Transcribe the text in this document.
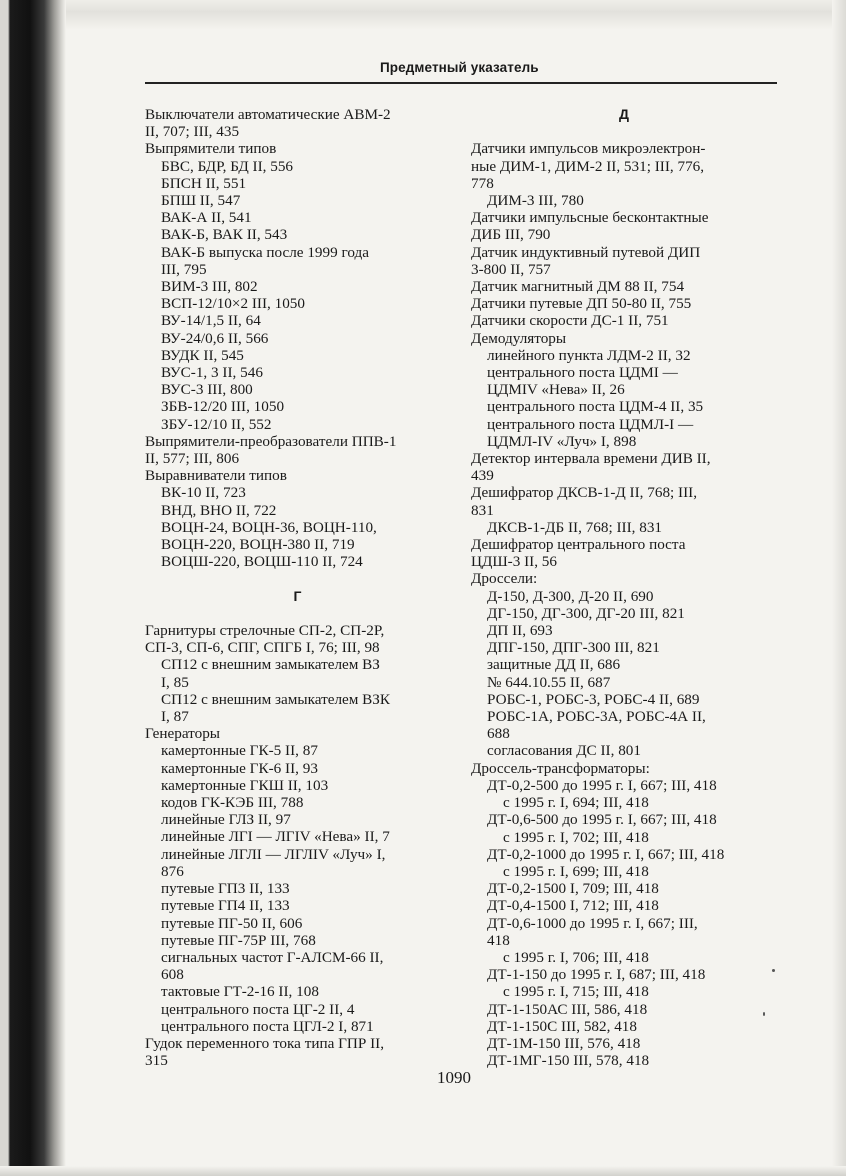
Предметный указатель
Выключатели автоматические АВМ-2
II, 707; III, 435
Выпрямители типов
БВС, БДР, БД II, 556
БПСН II, 551
БПШ II, 547
ВАК-А II, 541
ВАК-Б, ВАК II, 543
ВАК-Б выпуска после 1999 года
III, 795
ВИМ-3 III, 802
ВСП-12/10×2 III, 1050
ВУ-14/1,5 II, 64
ВУ-24/0,6 II, 566
ВУДК II, 545
ВУС-1, 3 II, 546
ВУС-3 III, 800
ЗБВ-12/20 III, 1050
ЗБУ-12/10 II, 552
Выпрямители-преобразователи ППВ-1
II, 577; III, 806
Выравниватели типов
ВК-10 II, 723
ВНД, ВНО II, 722
ВОЦН-24, ВОЦН-36, ВОЦН-110,
ВОЦН-220, ВОЦН-380 II, 719
ВОЦШ-220, ВОЦШ-110 II, 724
Г
Гарнитуры стрелочные СП-2, СП-2Р,
СП-3, СП-6, СПГ, СПГБ I, 76; III, 98
СП12 с внешним замыкателем ВЗ
I, 85
СП12 с внешним замыкателем ВЗК
I, 87
Генераторы
камертонные ГК-5 II, 87
камертонные ГК-6 II, 93
камертонные ГКШ II, 103
кодов ГК-КЭБ III, 788
линейные ГЛЗ II, 97
линейные ЛГI — ЛГIV «Нева» II, 7
линейные ЛГЛI — ЛГЛIV «Луч» I,
876
путевые ГП3 II, 133
путевые ГП4 II, 133
путевые ПГ-50 II, 606
путевые ПГ-75Р III, 768
сигнальных частот Г-АЛСМ-66 II,
608
тактовые ГТ-2-16 II, 108
центрального поста ЦГ-2 II, 4
центрального поста ЦГЛ-2 I, 871
Гудок переменного тока типа ГПР II,
315
Д
Датчики импульсов микроэлектрон-
ные ДИМ-1, ДИМ-2 II, 531; III, 776,
778
ДИМ-3 III, 780
Датчики импульсные бесконтактные
ДИБ III, 790
Датчик индуктивный путевой ДИП
3-800 II, 757
Датчик магнитный ДМ 88 II, 754
Датчики путевые ДП 50-80 II, 755
Датчики скорости ДС-1 II, 751
Демодуляторы
линейного пункта ЛДМ-2 II, 32
центрального поста ЦДМI —
ЦДМIV «Нева» II, 26
центрального поста ЦДМ-4 II, 35
центрального поста ЦДМЛ-I —
ЦДМЛ-IV «Луч» I, 898
Детектор интервала времени ДИВ II,
439
Дешифратор ДКСВ-1-Д II, 768; III,
831
ДКСВ-1-ДБ II, 768; III, 831
Дешифратор центрального поста
ЦДШ-3 II, 56
Дроссели:
Д-150, Д-300, Д-20 II, 690
ДГ-150, ДГ-300, ДГ-20 III, 821
ДП II, 693
ДПГ-150, ДПГ-300 III, 821
защитные ДД II, 686
№ 644.10.55 II, 687
РОБС-1, РОБС-3, РОБС-4 II, 689
РОБС-1А, РОБС-3А, РОБС-4А II,
688
согласования ДС II, 801
Дроссель-трансформаторы:
ДТ-0,2-500 до 1995 г. I, 667; III, 418
с 1995 г. I, 694; III, 418
ДТ-0,6-500 до 1995 г. I, 667; III, 418
с 1995 г. I, 702; III, 418
ДТ-0,2-1000 до 1995 г. I, 667; III, 418
с 1995 г. I, 699; III, 418
ДТ-0,2-1500 I, 709; III, 418
ДТ-0,4-1500 I, 712; III, 418
ДТ-0,6-1000 до 1995 г. I, 667; III,
418
с 1995 г. I, 706; III, 418
ДТ-1-150 до 1995 г. I, 687; III, 418
с 1995 г. I, 715; III, 418
ДТ-1-150АС III, 586, 418
ДТ-1-150С III, 582, 418
ДТ-1М-150 III, 576, 418
ДТ-1МГ-150 III, 578, 418
1090
